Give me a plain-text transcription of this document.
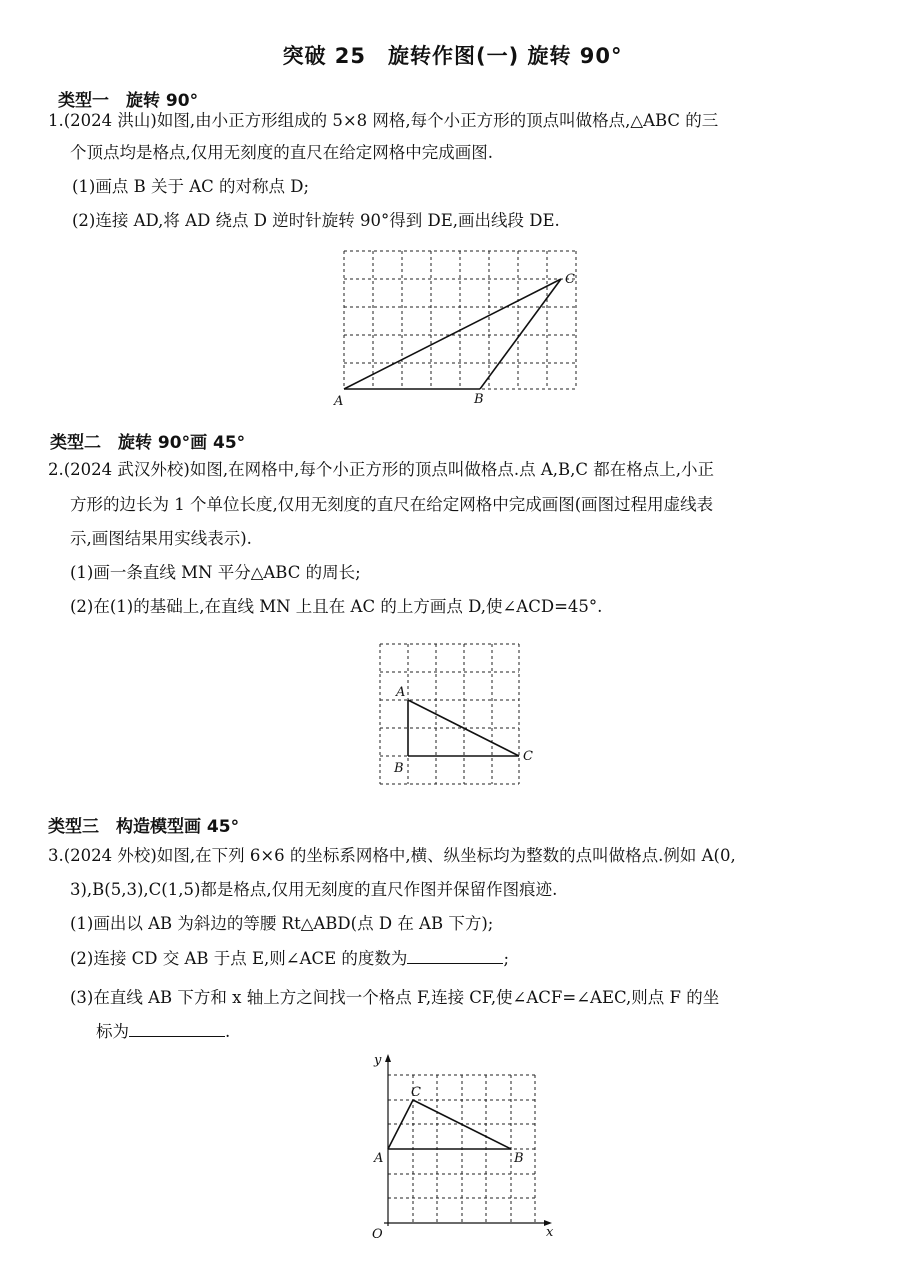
突破 25　旋转作图(一) 旋转 90°
类型一　旋转 90°
1.(2024 洪山)如图,由小正方形组成的 5×8 网格,每个小正方形的顶点叫做格点,△ABC 的三
个顶点均是格点,仅用无刻度的直尺在给定网格中完成画图.
(1)画点 B 关于 AC 的对称点 D;
(2)连接 AD,将 AD 绕点 D 逆时针旋转 90°得到 DE,画出线段 DE.
A	B
C
类型二　旋转 90°画 45°
2.(2024 武汉外校)如图,在网格中,每个小正方形的顶点叫做格点.点 A,B,C 都在格点上,小正
方形的边长为 1 个单位长度,仅用无刻度的直尺在给定网格中完成画图(画图过程用虚线表
示,画图结果用实线表示).
(1)画一条直线 MN 平分△ABC 的周长;
(2)在(1)的基础上,在直线 MN 上且在 AC 的上方画点 D,使∠ACD=45°.
A
B
C
类型三　构造模型画 45°
3.(2024 外校)如图,在下列 6×6 的坐标系网格中,横、纵坐标均为整数的点叫做格点.例如 A(0,
3),B(5,3),C(1,5)都是格点,仅用无刻度的直尺作图并保留作图痕迹.
(1)画出以 AB 为斜边的等腰 Rt△ABD(点 D 在 AB 下方);
(2)连接 CD 交 AB 于点 E,则∠ACE 的度数为	;
(3)在直线 AB 下方和 x 轴上方之间找一个格点 F,连接 CF,使∠ACF=∠AEC,则点 F 的坐
标为	.
y
x
O
A	B
C
